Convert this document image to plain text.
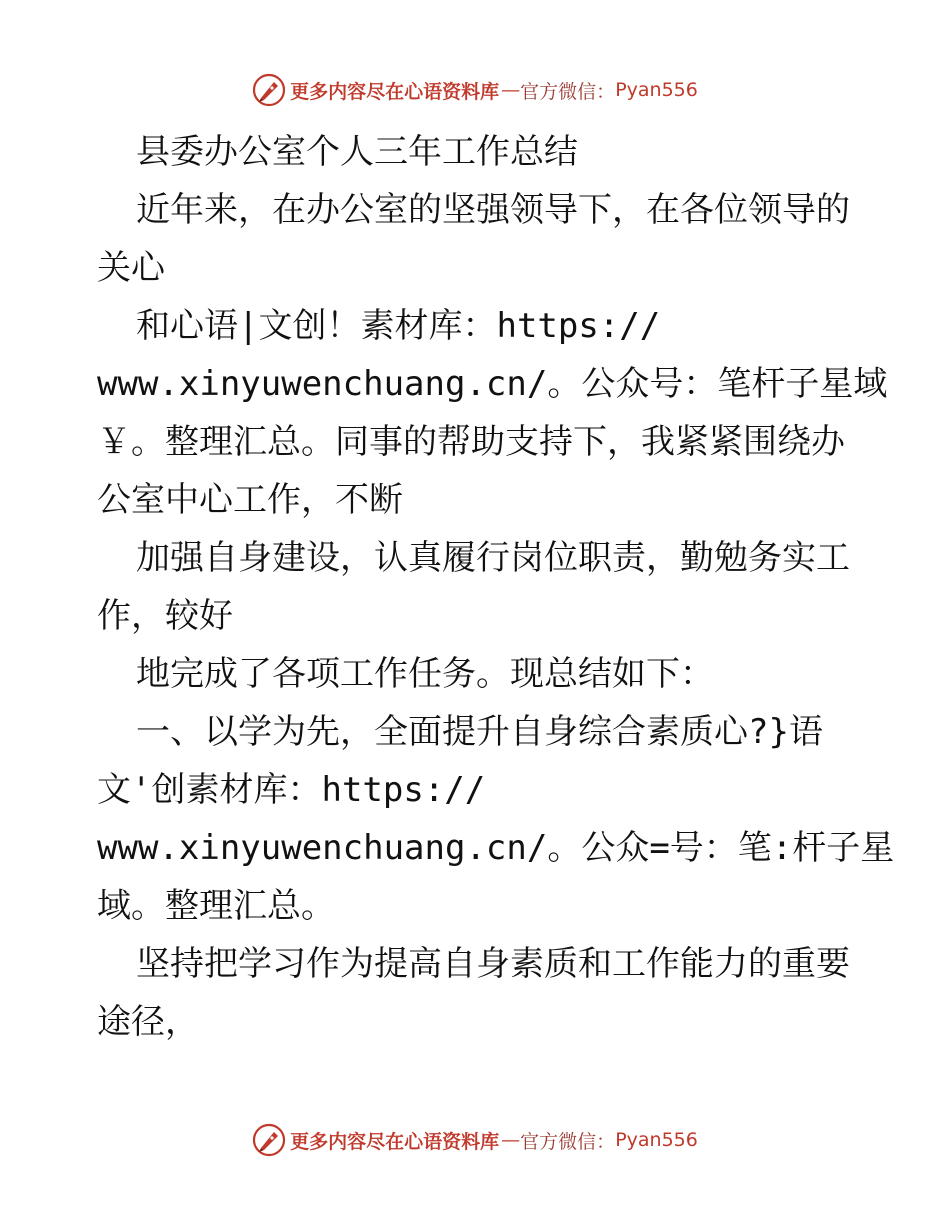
更多内容尽在心语资料库 — 官方微信： Pyan556

县委办公室个人三年工作总结

近年来，在办公室的坚强领导下，在各位领导的

关心

和心语|文创！素材库：https://

www.xinyuwenchuang.cn/。公众号：笔杆子星域

￥。整理汇总。同事的帮助支持下，我紧紧围绕办

公室中心工作，不断

加强自身建设，认真履行岗位职责，勤勉务实工

作，较好

地完成了各项工作任务。现总结如下：

一、以学为先，全面提升自身综合素质心?}语

文'创素材库：https://

www.xinyuwenchuang.cn/。公众=号：笔:杆子星

域。整理汇总。

坚持把学习作为提高自身素质和工作能力的重要

途径，

更多内容尽在心语资料库 — 官方微信： Pyan556
